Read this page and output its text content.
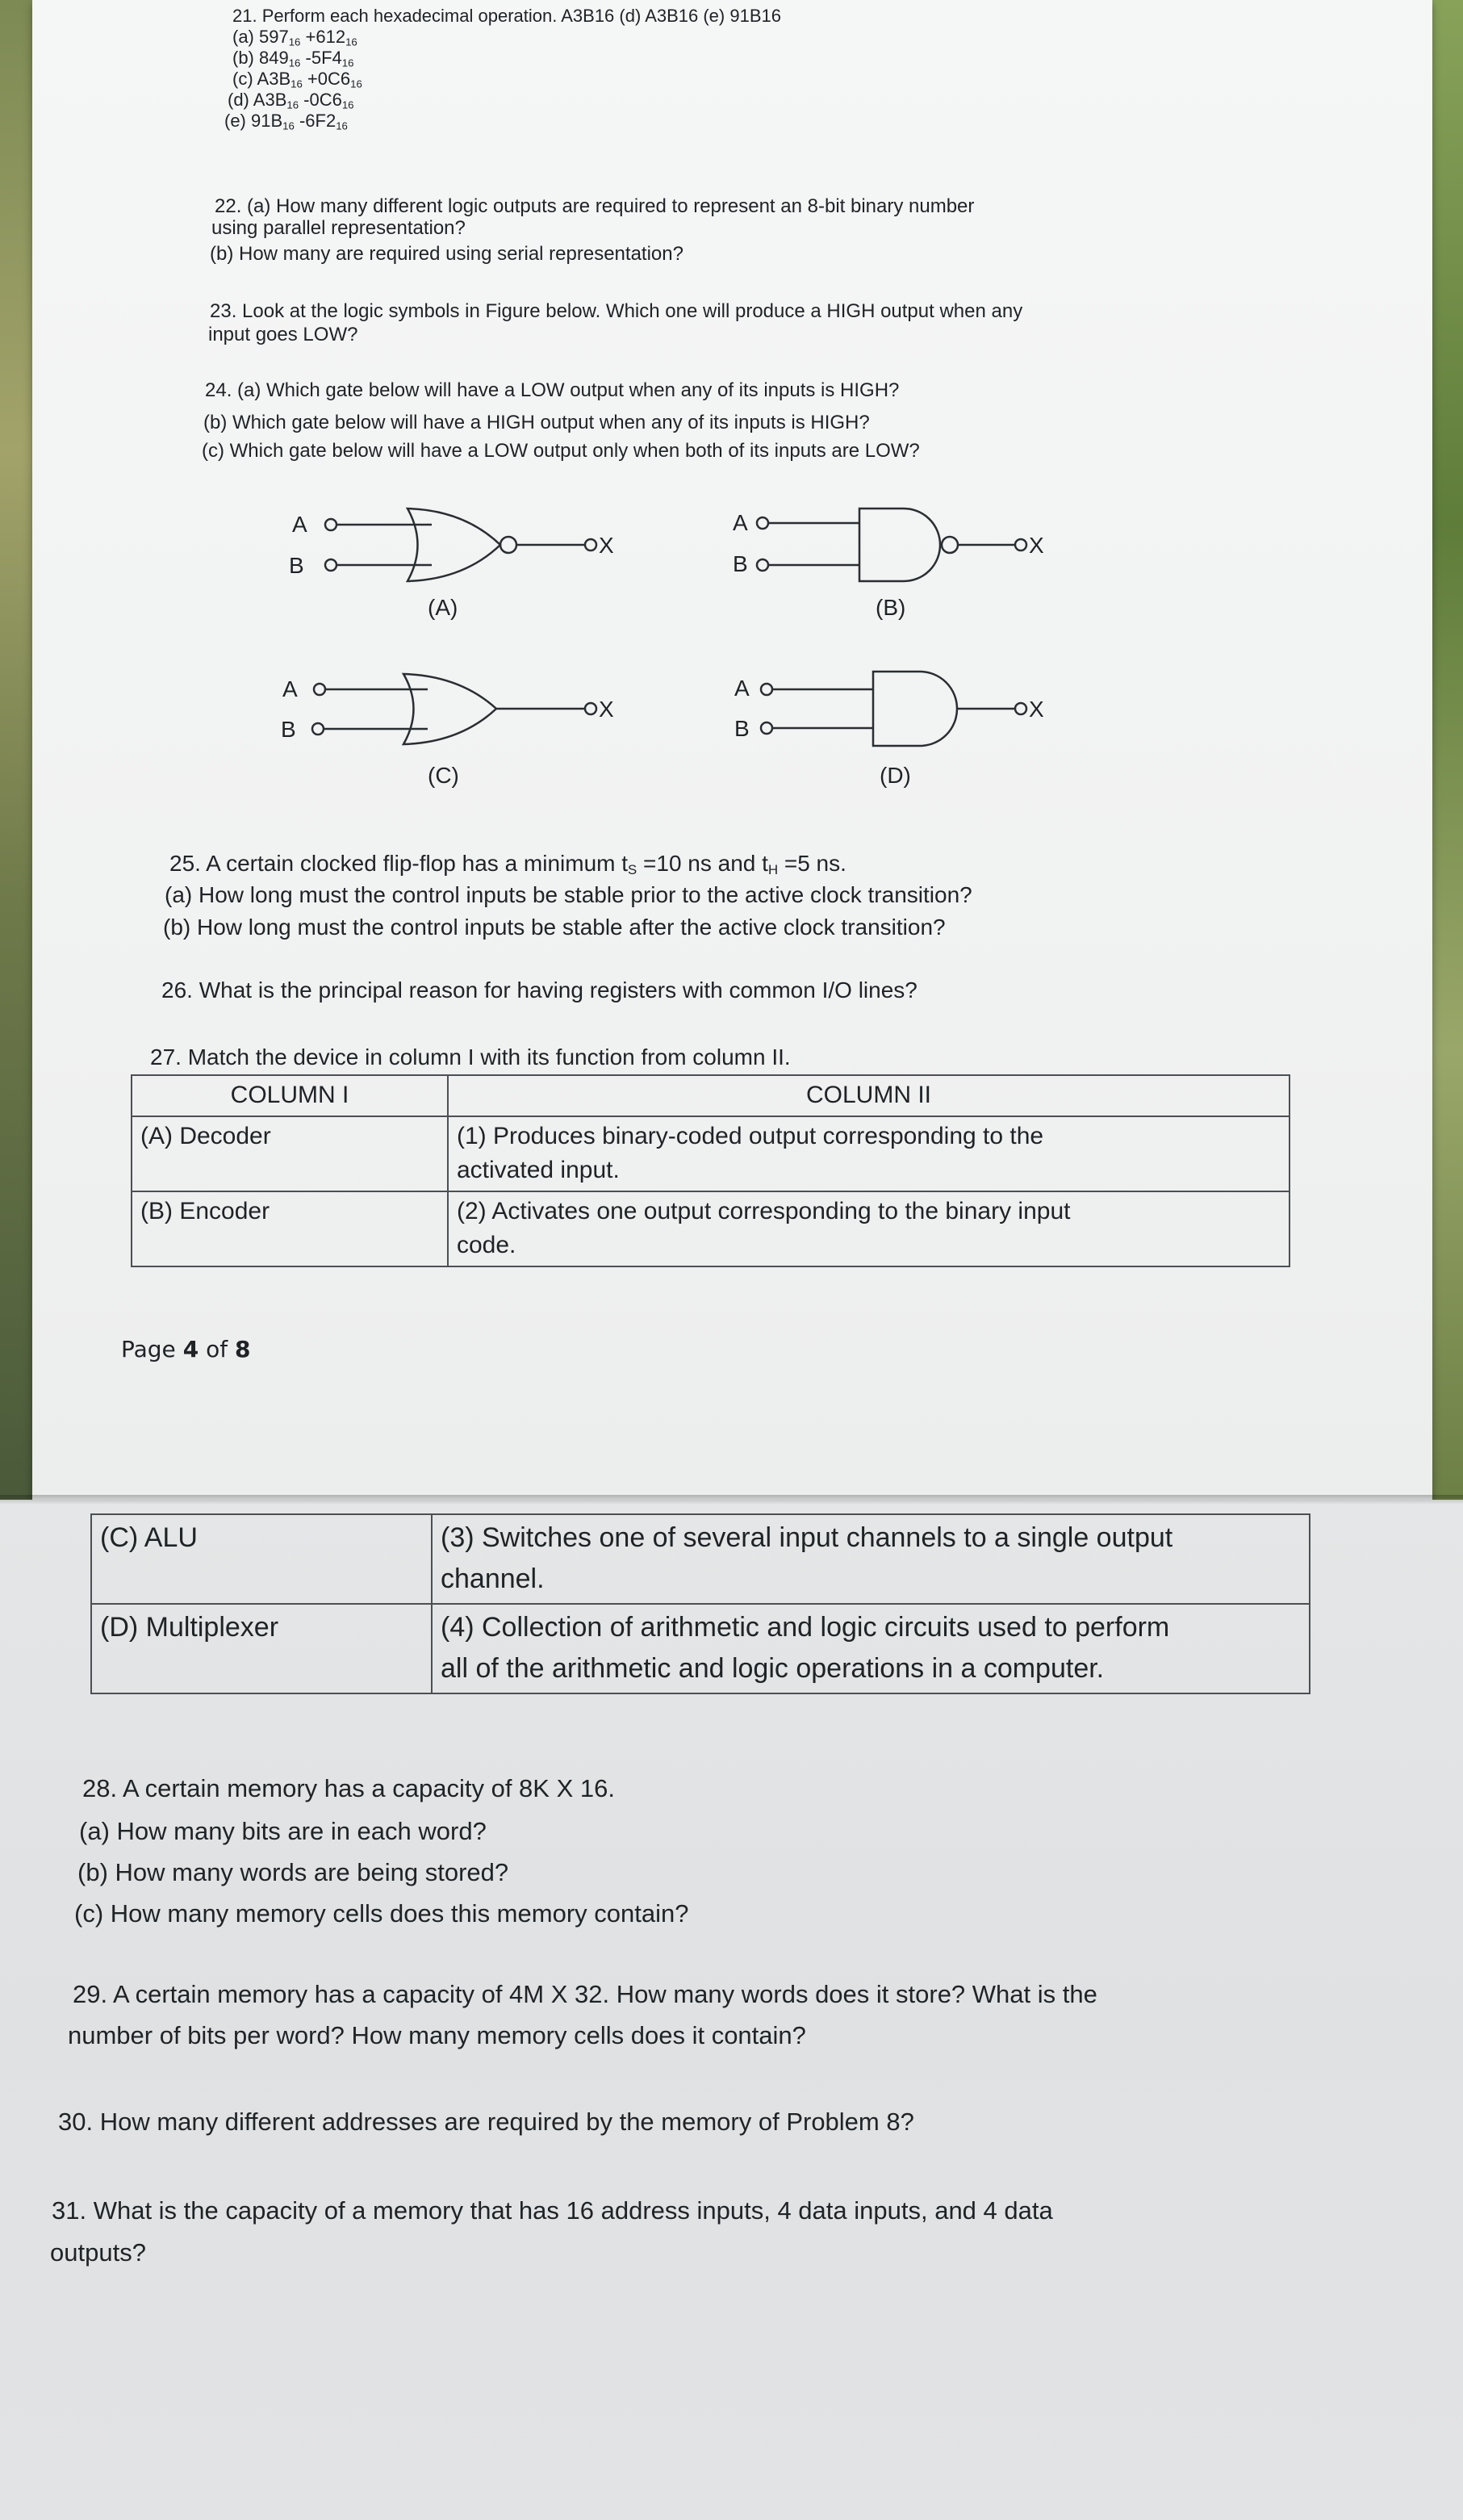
21. Perform each hexadecimal operation. A3B16 (d) A3B16 (e) 91B16
(a) $597_{16} +612_{16}$
(b) $849_{16}$ $-5F4_{16}$
(c) $A3B_{16} +0C6_{16}$
(d) $A3B_{16}$ $-0C6_{16}$
(e) $91B_{16}$ $-6F2_{16}$
22. (a) How many different logic outputs are required to represent an 8-bit binary number
using parallel representation?
(b) How many are required using serial representation?
23. Look at the logic symbols in Figure below. Which one will produce a HIGH output when any
input goes LOW?
24. (a) Which gate below will have a LOW output when any of its inputs is HIGH?
(b) Which gate below will have a HIGH output when any of its inputs is HIGH?
(c) Which gate below will have a LOW output only when both of its inputs are LOW?
A
B
X
(A)
A
B
X
(B)
A
B
X
(C)
A
B
X
(D)
25. A certain clocked flip-flop has a minimum $t_S =10$ ns and $t_H =5$ ns.
(a) How long must the control inputs be stable prior to the active clock transition?
(b) How long must the control inputs be stable after the active clock transition?
26. What is the principal reason for having registers with common I/O lines?
27. Match the device in column I with its function from column II.
COLUMN I	COLUMN II
(A) Decoder	(1) Produces binary-coded output corresponding to the
activated input.

(B) Encoder	(2) Activates one output corresponding to the binary input
code.
Page 4 of 8
(C) ALU	(3) Switches one of several input channels to a single output
channel.

(D) Multiplexer	(4) Collection of arithmetic and logic circuits used to perform
all of the arithmetic and logic operations in a computer.
28. A certain memory has a capacity of 8K X 16.
(a) How many bits are in each word?
(b) How many words are being stored?
(c) How many memory cells does this memory contain?
29. A certain memory has a capacity of 4M X 32. How many words does it store? What is the
number of bits per word? How many memory cells does it contain?
30. How many different addresses are required by the memory of Problem 8?
31. What is the capacity of a memory that has 16 address inputs, 4 data inputs, and 4 data
outputs?
